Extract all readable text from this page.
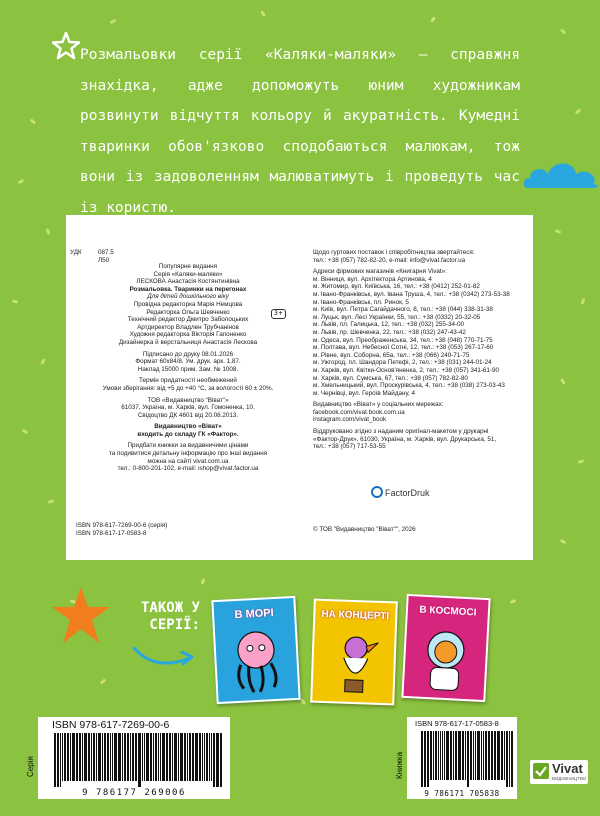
Розмальовки серії «Каляки-маляки» – справжня знахідка, адже допоможуть юним художникам розвинути відчуття кольору й акуратність. Кумедні тваринки обов'язково сподобаються малюкам, тож вони із задоволенням малюватимуть і проведуть час із користю.

УДК	087.5

Л50

Популярне видання

Серія «Каляки-маляки»

ЛЕСКОВА Анастасія Костянтинівна

Розмальовка. Тваринки на перегонах

Для дітей дошкільного віку

Провідна редакторка Марія Немцова

Редакторка Ольга Шевченко

Технічний редактор Дмитро Заболоцьких

Артдиректор Владлен Трубчанінов

Художня редакторка Вікторія Гапоненко

Дизайнерка й верстальниця Анастасія Лескова

Підписано до друку 08.01.2026

Формат 60x84/8. Ум. друк. арк. 1,87.

Наклад 15000 прим. Зам. № 1008.

Термін придатності необмежений

Умови зберігання: від +5 до +40 °С, за вологості 60 ± 20%.

ТОВ «Видавництво “Віват”»

61037, Україна, м. Харків, вул. Гомоненка, 10.

Свідоцтво ДК 4601 від 20.08.2013.

Видавництво «Віват»

входить до складу ГК «Фактор».

Придбати книжки за видавничими цінами

та подивитися детальну інформацію про інші видання

можна на сайті vivat.com.ua

тел.: 0-800-201-102, e-mail: ishop@vivat.factor.ua

3+

ISBN 978-617-7269-00-6 (серія)

ISBN 978-617-17-0583-8

Щодо гуртових поставок і співробітництва звертайтеся:

тел.: +38 (057) 782-82-20, e-mail: info@vivat.factor.ua

Адреси фірмових магазинів «Книгарня Vivat»:

м. Вінниця, вул. Архітектора Артинова, 4

м. Житомир, вул. Київська, 16, тел.: +38 (0412) 252-01-82

м. Івано-Франківськ, вул. Івана Труша, 4, тел.: +38 (0342) 273-53-38

м. Івано-Франківськ, пл. Ринок, 5

м. Київ, вул. Петра Сагайдачного, 8, тел.: +38 (044) 338-31-38

м. Луцьк, вул. Лесі Українки, 55, тел.: +38 (0332) 20-32-05

м. Львів, пл. Галицька, 12, тел.: +38 (032) 255-34-00

м. Львів, пр. Шевченка, 22, тел.: +38 (032) 247-43-42

м. Одеса, вул. Преображенська, 34, тел.: +38 (048) 770-71-75

м. Полтава, вул. Небесної Сотні, 12, тел.: +38 (053) 267-17-60

м. Рівне, вул. Соборна, 65а, тел.: +38 (066) 240-71-75

м. Ужгород, пл. Шандора Петефі, 2, тел.: +38 (031) 244-01-24

м. Харків, вул. Квітки-Основ'яненка, 2, тел.: +38 (057) 341-61-90

м. Харків, вул. Сумська, 67, тел.: +38 (057) 782-82-80

м. Хмельницький, вул. Проскурівська, 4, тел.: +38 (038) 273-03-43

м. Чернівці, вул. Героїв Майдану, 4

Видавництво «Віват» у соціальних мережах:

facebook.com/vivat.book.com.ua

instagram.com/vivat_book

Віддруковано згідно з наданим оригінал-макетом у друкарні

«Фактор-Друк», 61030, Україна, м. Харків, вул. Друкарська, 51,

тел.: +38 (057) 717-53-55

FactorDruk
© ТОВ "Видавництво "Віват"", 2026
ТАКОЖ У СЕРІЇ:
В МОРІ	НА КОНЦЕРТІ	В КОСМОСІ
ISBN 978-617-7269-00-6
9 786177 269006
Серія
ISBN 978-617-17-0583-8
9 786171 705838
Книжка	Vivat
ВИДАВНИЦТВО
